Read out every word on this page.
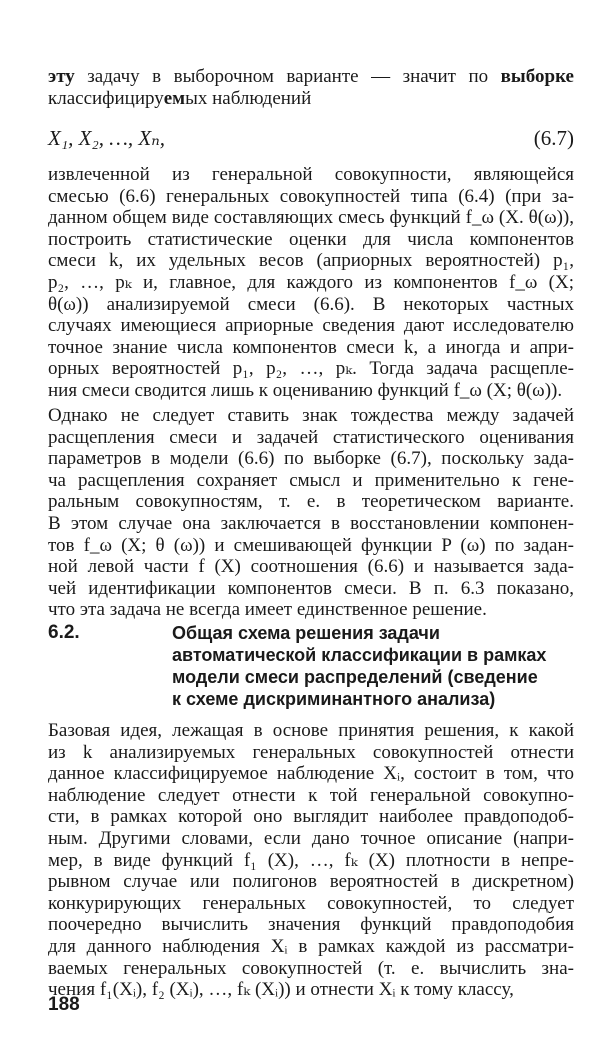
эту задачу в выборочном варианте — значит по выборке
классифицируемых наблюдений
X₁, X₂, …, Xₙ,	(6.7)
извлеченной из генеральной совокупности, являющейся
смесью (6.6) генеральных совокупностей типа (6.4) (при за-
данном общем виде составляющих смесь функций f_ω (X. θ(ω)),
построить статистические оценки для числа компонентов
смеси k, их удельных весов (априорных вероятностей) p₁,
p₂, …, pₖ и, главное, для каждого из компонентов f_ω (X;
θ(ω)) анализируемой смеси (6.6). В некоторых частных
случаях имеющиеся априорные сведения дают исследователю
точное знание числа компонентов смеси k, а иногда и апри-
орных вероятностей p₁, p₂, …, pₖ. Тогда задача расщепле-
ния смеси сводится лишь к оцениванию функций f_ω (X; θ(ω)).
Однако не следует ставить знак тождества между задачей
расщепления смеси и задачей статистического оценивания
параметров в модели (6.6) по выборке (6.7), поскольку зада-
ча расщепления сохраняет смысл и применительно к гене-
ральным совокупностям, т. е. в теоретическом варианте.
В этом случае она заключается в восстановлении компонен-
тов f_ω (X; θ (ω)) и смешивающей функции P (ω) по задан-
ной левой части f (X) соотношения (6.6) и называется зада-
чей идентификации компонентов смеси. В п. 6.3 показано,
что эта задача не всегда имеет единственное решение.
6.2.	Общая схема решения задачи
автоматической классификации в рамках
модели смеси распределений (сведение
к схеме дискриминантного анализа)
Базовая идея, лежащая в основе принятия решения, к какой
из k анализируемых генеральных совокупностей отнести
данное классифицируемое наблюдение Xᵢ, состоит в том, что
наблюдение следует отнести к той генеральной совокупно-
сти, в рамках которой оно выглядит наиболее правдоподоб-
ным. Другими словами, если дано точное описание (напри-
мер, в виде функций f₁ (X), …, fₖ (X) плотности в непре-
рывном случае или полигонов вероятностей в дискретном)
конкурирующих генеральных совокупностей, то следует
поочередно вычислить значения функций правдоподобия
для данного наблюдения Xᵢ в рамках каждой из рассматри-
ваемых генеральных совокупностей (т. е. вычислить зна-
чения f₁(Xᵢ), f₂ (Xᵢ), …, fₖ (Xᵢ)) и отнести Xᵢ к тому классу,
188
